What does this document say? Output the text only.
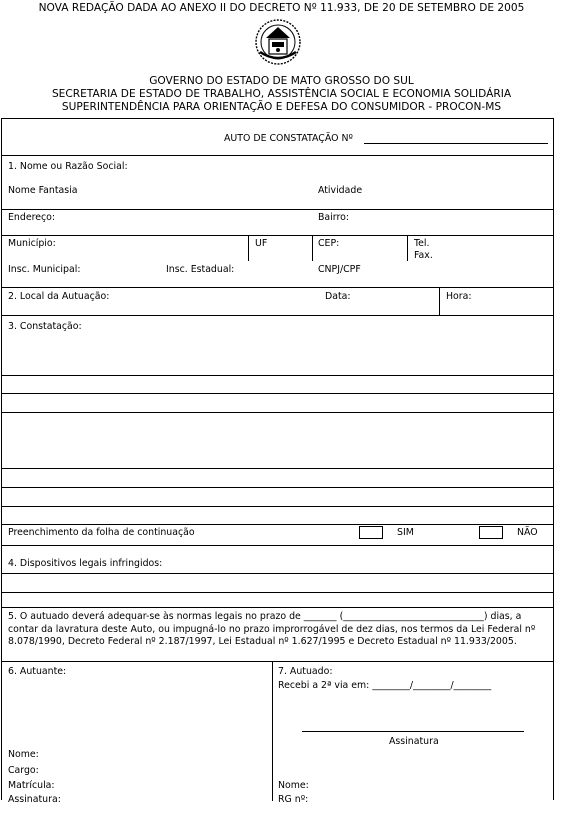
NOVA REDAÇÃO DADA AO ANEXO II DO DECRETO Nº 11.933, DE 20 DE SETEMBRO DE 2005
GOVERNO DO ESTADO DE MATO GROSSO DO SUL
SECRETARIA DE ESTADO DE TRABALHO, ASSISTÊNCIA SOCIAL E ECONOMIA SOLIDÁRIA
SUPERINTENDÊNCIA PARA ORIENTAÇÃO E DEFESA DO CONSUMIDOR - PROCON-MS
AUTO DE CONSTATAÇÃO Nº
1. Nome ou Razão Social:
Nome Fantasia	Atividade
Endereço:	Bairro:
Município:	UF	CEP:	Tel.
Fax.
Insc. Municipal:	Insc. Estadual:	CNPJ/CPF
2. Local da Autuação:	Data:	Hora:
3. Constatação:
Preenchimento da folha de continuação	SIM	NÃO
4. Dispositivos legais infringidos:
5. O autuado deverá adequar-se às normas legais no prazo de _______ (______________________________) dias, a
contar da lavratura deste Auto, ou impugná-lo no prazo improrrogável de dez dias, nos termos da Lei Federal nº
8.078/1990, Decreto Federal nº 2.187/1997, Lei Estadual nº 1.627/1995 e Decreto Estadual nº 11.933/2005.
6. Autuante:
Nome:
Cargo:
Matrícula:
Assinatura:
7. Autuado:
Recebi a 2ª via em: ________/________/________
Assinatura
Nome:
RG nº:
